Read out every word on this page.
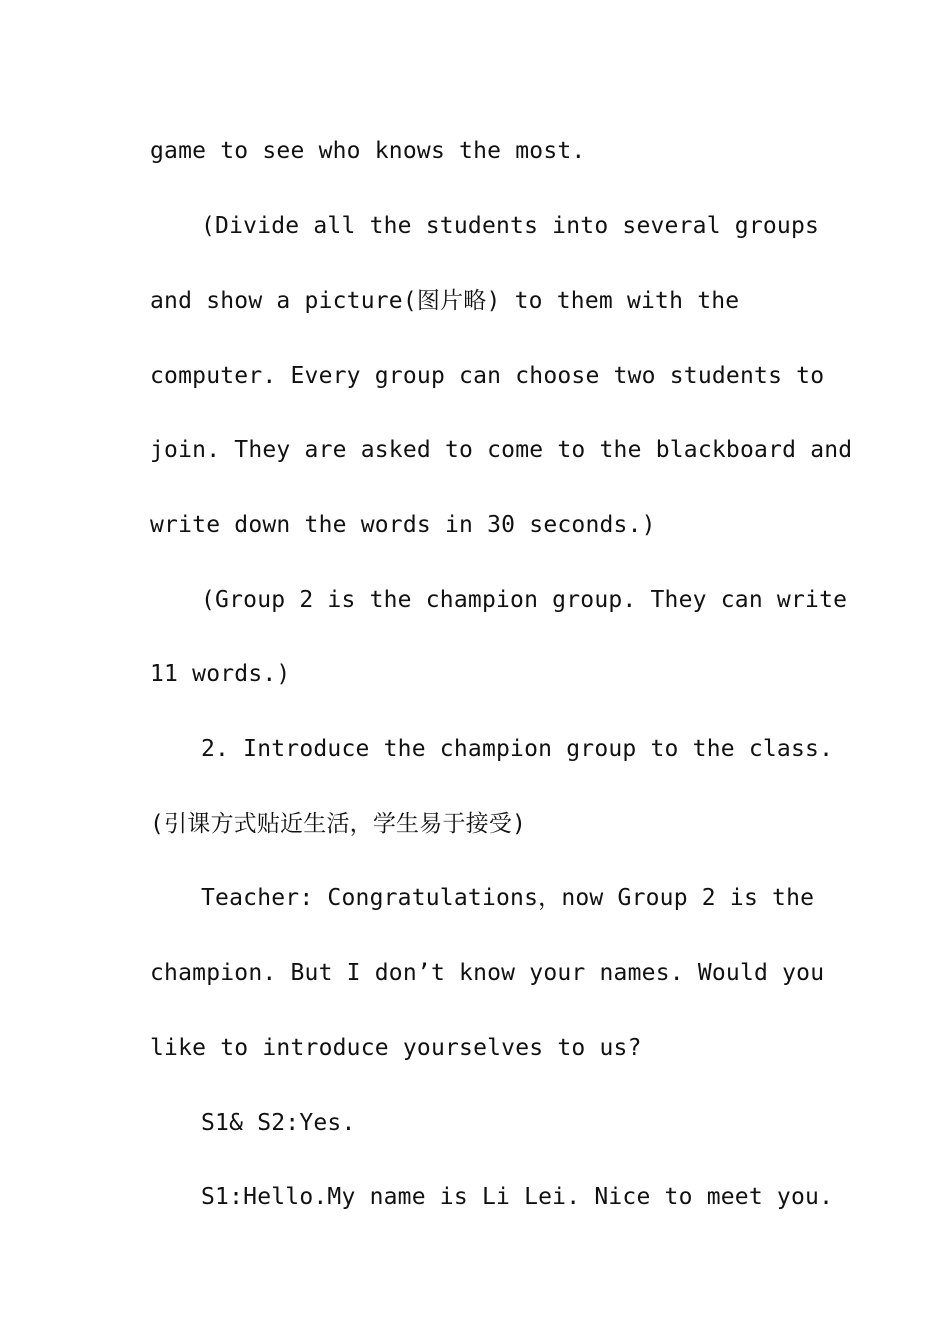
game to see who knows the most.
(Divide all the students into several groups
and show a picture(图片略) to them with the
computer. Every group can choose two students to
join. They are asked to come to the blackboard and
write down the words in 30 seconds.)
(Group 2 is the champion group. They can write
11 words.)
2. Introduce the champion group to the class.
(引课方式贴近生活，学生易于接受)
Teacher: Congratulations，now Group 2 is the
champion. But I don’t know your names. Would you
like to introduce yourselves to us?
S1& S2:Yes.
S1:Hello.My name is Li Lei. Nice to meet you.
